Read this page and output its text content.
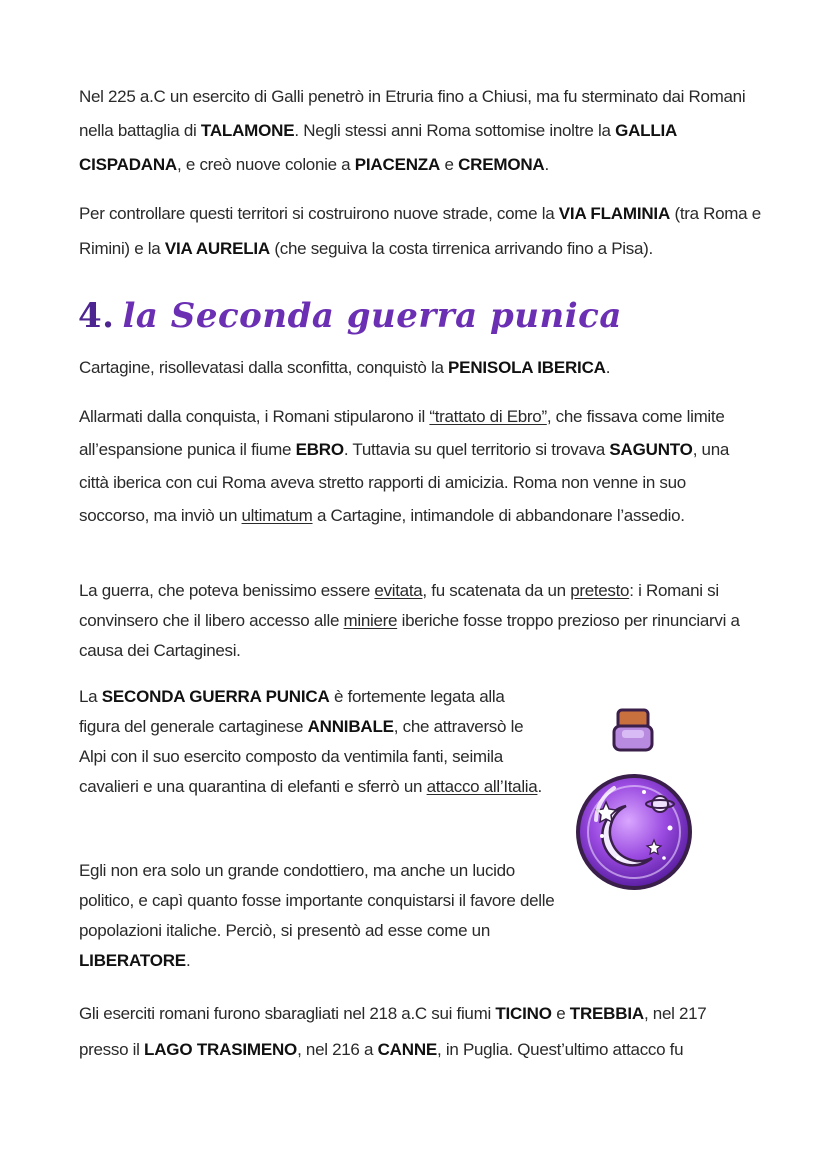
Nel 225 a.C un esercito di Galli penetrò in Etruria fino a Chiusi, ma fu sterminato dai Romani nella battaglia di TALAMONE. Negli stessi anni Roma sottomise inoltre la GALLIA CISPADANA, e creò nuove colonie a PIACENZA e CREMONA.

Per controllare questi territori si costruirono nuove strade, come la VIA FLAMINIA (tra Roma e Rimini) e la VIA AURELIA (che seguiva la costa tirrenica arrivando fino a Pisa).

4. la Seconda guerra punica

Cartagine, risollevatasi dalla sconfitta, conquistò la PENISOLA IBERICA.

Allarmati dalla conquista, i Romani stipularono il “trattato di Ebro”, che fissava come limite all’espansione punica il fiume EBRO. Tuttavia su quel territorio si trovava SAGUNTO, una città iberica con cui Roma aveva stretto rapporti di amicizia. Roma non venne in suo soccorso, ma inviò un ultimatum a Cartagine, intimandole di abbandonare l’assedio.

La guerra, che poteva benissimo essere evitata, fu scatenata da un pretesto: i Romani si convinsero che il libero accesso alle miniere iberiche fosse troppo prezioso per rinunciarvi a causa dei Cartaginesi.

La SECONDA GUERRA PUNICA è fortemente legata alla figura del generale cartaginese ANNIBALE, che attraversò le Alpi con il suo esercito composto da ventimila fanti, seimila cavalieri e una quarantina di elefanti e sferrò un attacco all’Italia.

Egli non era solo un grande condottiero, ma anche un lucido politico, e capì quanto fosse importante conquistarsi il favore delle popolazioni italiche. Perciò, si presentò ad esse come un LIBERATORE.

Gli eserciti romani furono sbaragliati nel 218 a.C sui fiumi TICINO e TREBBIA, nel 217 presso il LAGO TRASIMENO, nel 216 a CANNE, in Puglia. Quest’ultimo attacco fu
